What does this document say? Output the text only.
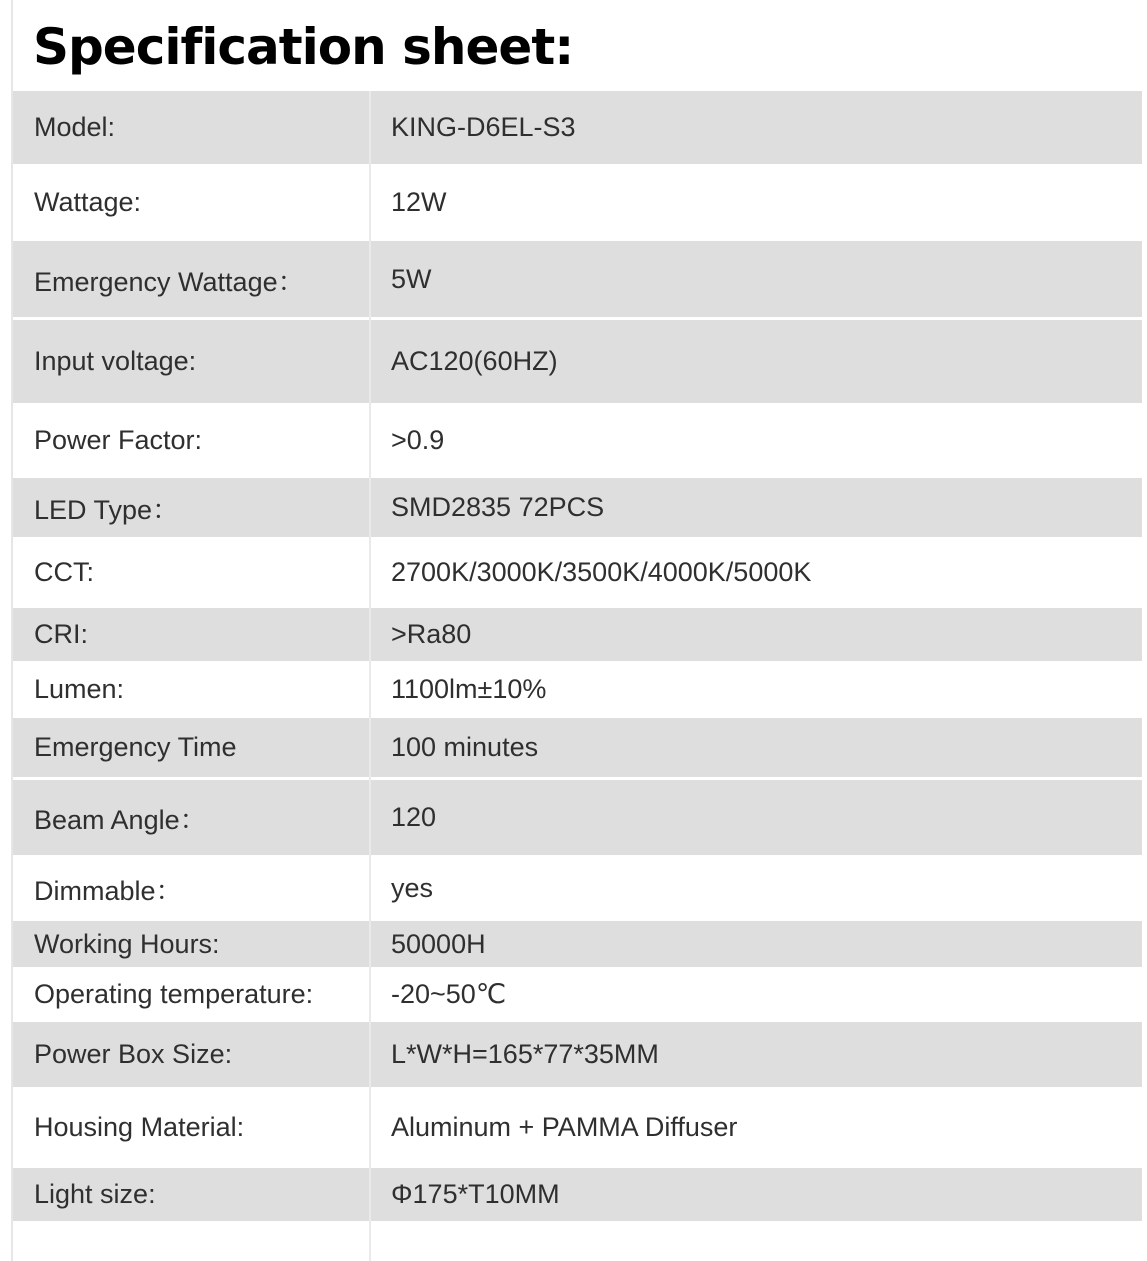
Specification sheet:
Model:	KING-D6EL-S3
Wattage:	12W
Emergency Wattage：	5W
Input voltage:	AC120(60HZ)
Power Factor:	>0.9
LED Type：	SMD2835 72PCS
CCT:	2700K/3000K/3500K/4000K/5000K
CRI:	>Ra80
Lumen:	1100lm±10%
Emergency Time	100 minutes
Beam Angle：	120
Dimmable：	yes
Working Hours:	50000H
Operating temperature:	-20~50℃
Power Box Size:	L*W*H=165*77*35MM
Housing Material:	Aluminum + PAMMA Diffuser
Light size:	Φ175*T10MM
